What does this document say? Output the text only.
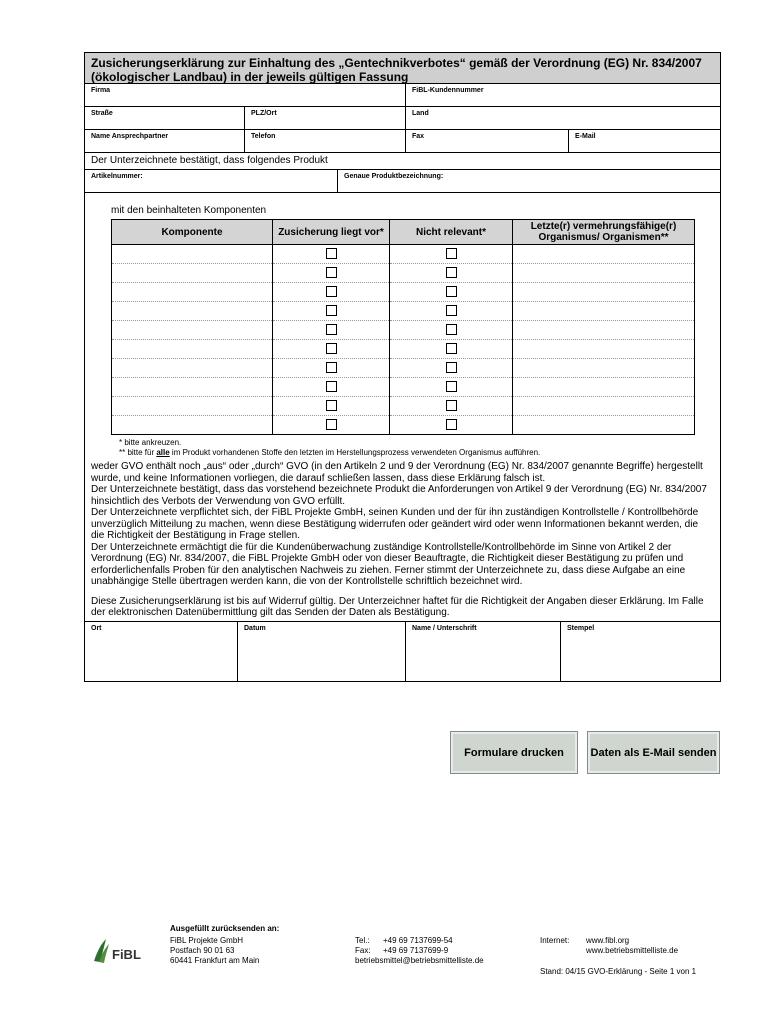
Zusicherungserklärung zur Einhaltung des „Gentechnikverbotes“ gemäß der Verordnung (EG) Nr. 834/2007 (ökologischer Landbau) in der jeweils gültigen Fassung
Firma	FiBL-Kundennummer
Straße	PLZ/Ort	Land
Name Ansprechpartner	Telefon	Fax	E-Mail
Der Unterzeichnete bestätigt, dass folgendes Produkt
Artikelnummer:	Genaue Produktbezeichnung:
mit den beinhalteten Komponenten
Komponente	Zusicherung liegt vor*	Nicht relevant*	Letzte(r) vermehrungsfähige(r) Organismus/ Organismen**

* bitte ankreuzen.
** bitte für alle im Produkt vorhandenen Stoffe den letzten im Herstellungsprozess verwendeten Organismus aufführen.
weder GVO enthält noch „aus“ oder „durch“ GVO (in den Artikeln 2 und 9 der Verordnung (EG) Nr. 834/2007 genannte Begriffe) hergestellt wurde, und keine Informationen vorliegen, die darauf schließen lassen, dass diese Erklärung falsch ist.
Der Unterzeichnete bestätigt, dass das vorstehend bezeichnete Produkt die Anforderungen von Artikel 9 der Verordnung (EG) Nr. 834/2007 hinsichtlich des Verbots der Verwendung von GVO erfüllt.
Der Unterzeichnete verpflichtet sich, der FiBL Projekte GmbH, seinen Kunden und der für ihn zuständigen Kontrollstelle / Kontrollbehörde unverzüglich Mitteilung zu machen, wenn diese Bestätigung widerrufen oder geändert wird oder wenn Informationen bekannt werden, die die Richtigkeit der Bestätigung in Frage stellen.
Der Unterzeichnete ermächtigt die für die Kundenüberwachung zuständige Kontrollstelle/Kontrollbehörde im Sinne von Artikel 2 der Verordnung (EG) Nr. 834/2007, die FiBL Projekte GmbH oder von dieser Beauftragte, die Richtigkeit dieser Bestätigung zu prüfen und erforderlichenfalls Proben für den analytischen Nachweis zu ziehen. Ferner stimmt der Unterzeichnete zu, dass diese Aufgabe an eine unabhängige Stelle übertragen werden kann, die von der Kontrollstelle schriftlich bezeichnet wird.
Diese Zusicherungserklärung ist bis auf Widerruf gültig. Der Unterzeichner haftet für die Richtigkeit der Angaben dieser Erklärung. Im Falle der elektronischen Datenübermittlung gilt das Senden der Daten als Bestätigung.
Ort	Datum	Name / Unterschrift	Stempel
Formulare drucken	Daten als E-Mail senden
FiBL
Ausgefüllt zurücksenden an:
FiBL Projekte GmbH
Postfach 90 01 63
60441 Frankfurt am Main
Tel.: +49 69 7137699-54
Fax: +49 69 7137699-9
betriebsmittel@betriebsmittelliste.de
Internet: www.fibl.org
www.betriebsmittelliste.de
Stand: 04/15 GVO-Erklärung - Seite 1 von 1
